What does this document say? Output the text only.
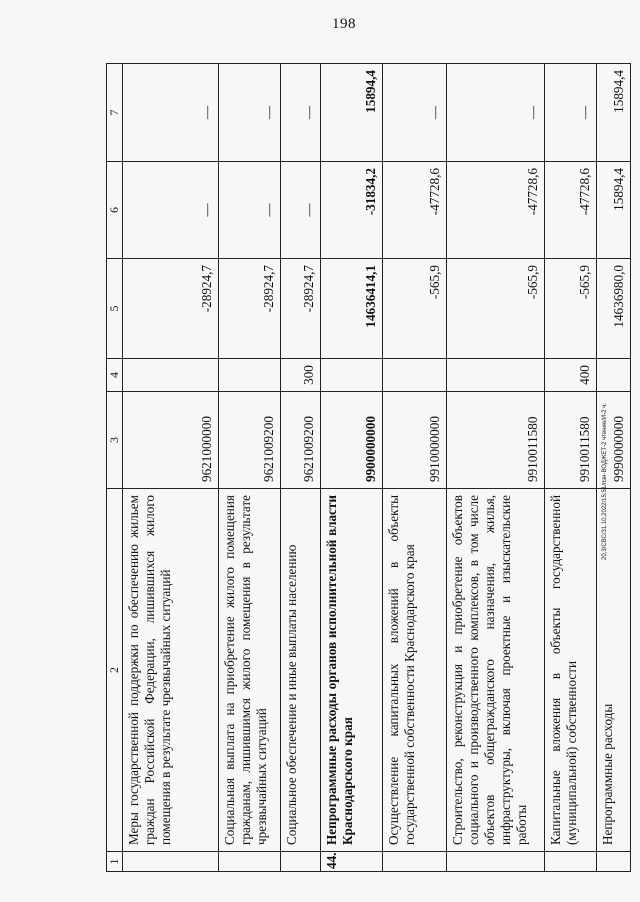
198
1	2	3	4	5	6	7
	Меры государственной поддержки по обеспечению жильем граждан Российской Федерации, лишившихся жилого помещения в результате чрезвычайных ситуаций	9621000000		-28924,7	—	—
	Социальная выплата на приобретение жилого помещения гражданам, лишившимся жилого помещения в результате чрезвычайных ситуаций	9621009200		-28924,7	—	—
	Социальное обеспечение и иные выплаты населению	9621009200	300	-28924,7	—	—
44.	Непрограммные расходы органов исполнительной власти Краснодарского края	9900000000		14636414,1	-31834,2	15894,4
	Осуществление капитальных вложений в объекты государственной собственности Краснодарского края	9910000000		-565,9	-47728,6	—
	Строительство, реконструкция и приобретение объектов социального и производственного комплексов, в том числе объектов общегражданского назначения, жилья, инфраструктуры, включая проектные и изыскательские работы	9910011580		-565,9	-47728,6	—
	Капитальные вложения в объекты государственной (муниципальной) собственности	9910011580	400	-565,9	-47728,6	—
	Непрограммные расходы	9990000000		14636980,0	15894,4	15894,4
20,3/СВС/31.10.2022/15:51/пэн-ВОДЖЕТ-2 чтение/И-2 ч.
